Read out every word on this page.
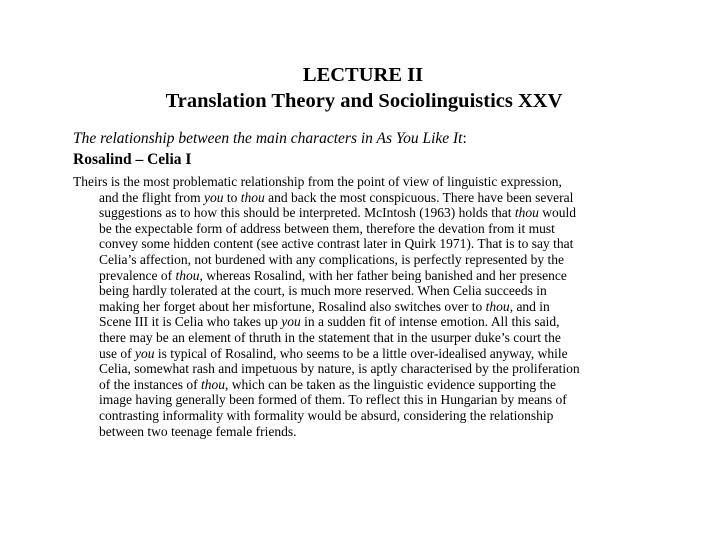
LECTURE II
Translation Theory and Sociolinguistics XXV
The relationship between the main characters in As You Like It:
Rosalind – Celia I
Theirs is the most problematic relationship from the point of view of linguistic expression,
and the flight from you to thou and back the most conspicuous. There have been several
suggestions as to how this should be interpreted. McIntosh (1963) holds that thou would
be the expectable form of address between them, therefore the devation from it must
convey some hidden content (see active contrast later in Quirk 1971). That is to say that
Celia’s affection, not burdened with any complications, is perfectly represented by the
prevalence of thou, whereas Rosalind, with her father being banished and her presence
being hardly tolerated at the court, is much more reserved. When Celia succeeds in
making her forget about her misfortune, Rosalind also switches over to thou, and in
Scene III it is Celia who takes up you in a sudden fit of intense emotion. All this said,
there may be an element of thruth in the statement that in the usurper duke’s court the
use of you is typical of Rosalind, who seems to be a little over-idealised anyway, while
Celia, somewhat rash and impetuous by nature, is aptly characterised by the proliferation
of the instances of thou, which can be taken as the linguistic evidence supporting the
image having generally been formed of them. To reflect this in Hungarian by means of
contrasting informality with formality would be absurd, considering the relationship
between two teenage female friends.
